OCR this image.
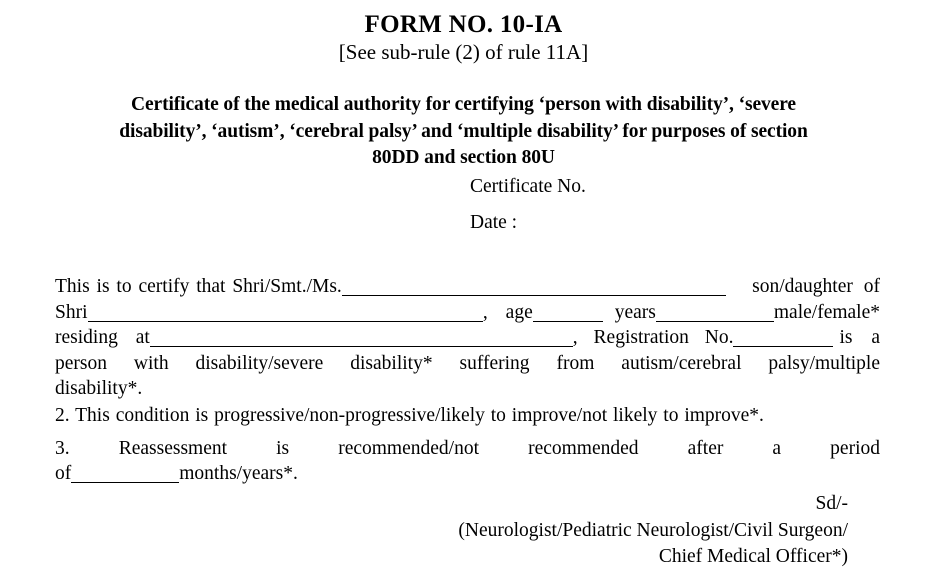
FORM NO. 10-IA
[See sub-rule (2) of rule 11A]
Certificate of the medical authority for certifying ‘person with disability’, ‘severe
disability’, ‘autism’, ‘cerebral palsy’ and ‘multiple disability’ for purposes of section
80DD and section 80U
Certificate No.
Date :
This is to certify that Shri/Smt./Ms.	son/daughter of
Shri	, age	years	male/female*
residing at	, Registration No.	is a
person with disability/severe disability* suffering from autism/cerebral palsy/multiple
disability*.
2. This condition is progressive/non-progressive/likely to improve/not likely to improve*.
3. Reassessment is recommended/not recommended after a period
of	months/years*.
Sd/-
(Neurologist/Pediatric Neurologist/Civil Surgeon/
Chief Medical Officer*)
